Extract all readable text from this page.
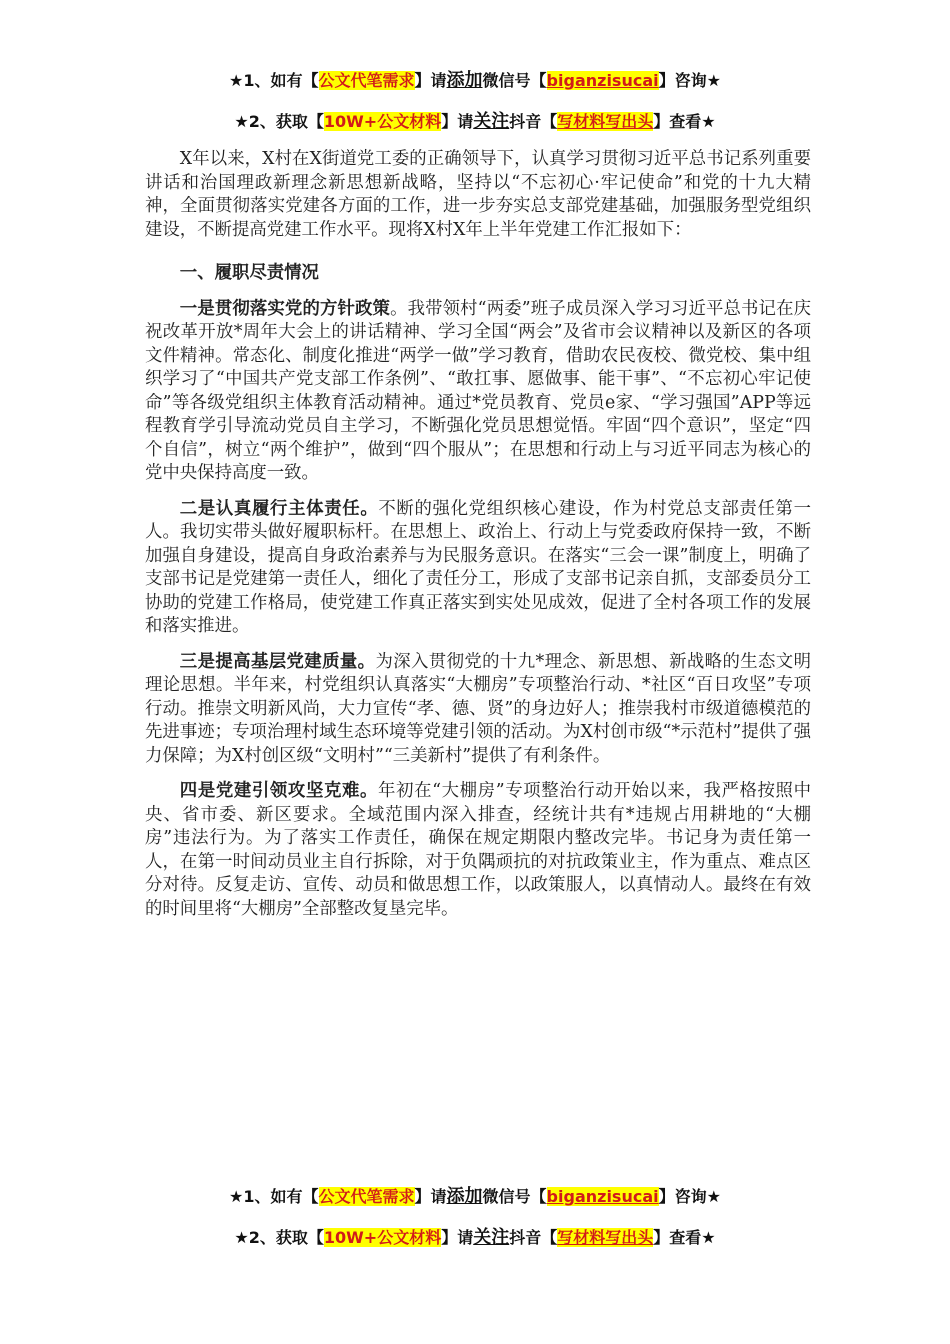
★1、如有【公文代笔需求】请添加微信号【biganzisucai】咨询★
★2、获取【10W+公文材料】请关注抖音【写材料写出头】查看★

X年以来，X村在X街道党工委的正确领导下，认真学习贯彻习近平总书记系列重要讲话和治国理政新理念新思想新战略，坚持以“不忘初心·牢记使命”和党的十九大精神，全面贯彻落实党建各方面的工作，进一步夯实总支部党建基础，加强服务型党组织建设，不断提高党建工作水平。现将X村X年上半年党建工作汇报如下：

一、履职尽责情况

一是贯彻落实党的方针政策。我带领村“两委”班子成员深入学习习近平总书记在庆祝改革开放*周年大会上的讲话精神、学习全国“两会”及省市会议精神以及新区的各项文件精神。常态化、制度化推进“两学一做”学习教育，借助农民夜校、微党校、集中组织学习了“中国共产党支部工作条例”、“敢扛事、愿做事、能干事”、“不忘初心牢记使命”等各级党组织主体教育活动精神。通过*党员教育、党员e家、“学习强国”APP等远程教育学引导流动党员自主学习，不断强化党员思想觉悟。牢固“四个意识”，坚定“四个自信”，树立“两个维护”，做到“四个服从”；在思想和行动上与习近平同志为核心的党中央保持高度一致。

二是认真履行主体责任。不断的强化党组织核心建设，作为村党总支部责任第一人。我切实带头做好履职标杆。在思想上、政治上、行动上与党委政府保持一致，不断加强自身建设，提高自身政治素养与为民服务意识。在落实“三会一课”制度上，明确了支部书记是党建第一责任人，细化了责任分工，形成了支部书记亲自抓，支部委员分工协助的党建工作格局，使党建工作真正落实到实处见成效，促进了全村各项工作的发展和落实推进。

三是提高基层党建质量。为深入贯彻党的十九*理念、新思想、新战略的生态文明理论思想。半年来，村党组织认真落实“大棚房”专项整治行动、*社区“百日攻坚”专项行动。推崇文明新风尚，大力宣传“孝、德、贤”的身边好人；推崇我村市级道德模范的先进事迹；专项治理村域生态环境等党建引领的活动。为X村创市级“*示范村”提供了强力保障；为X村创区级“文明村”“三美新村”提供了有利条件。

四是党建引领攻坚克难。年初在“大棚房”专项整治行动开始以来，我严格按照中央、省市委、新区要求。全域范围内深入排查，经统计共有*违规占用耕地的“大棚房”违法行为。为了落实工作责任，确保在规定期限内整改完毕。书记身为责任第一人，在第一时间动员业主自行拆除，对于负隅顽抗的对抗政策业主，作为重点、难点区分对待。反复走访、宣传、动员和做思想工作，以政策服人，以真情动人。最终在有效的时间里将“大棚房”全部整改复垦完毕。

★1、如有【公文代笔需求】请添加微信号【biganzisucai】咨询★
★2、获取【10W+公文材料】请关注抖音【写材料写出头】查看★
